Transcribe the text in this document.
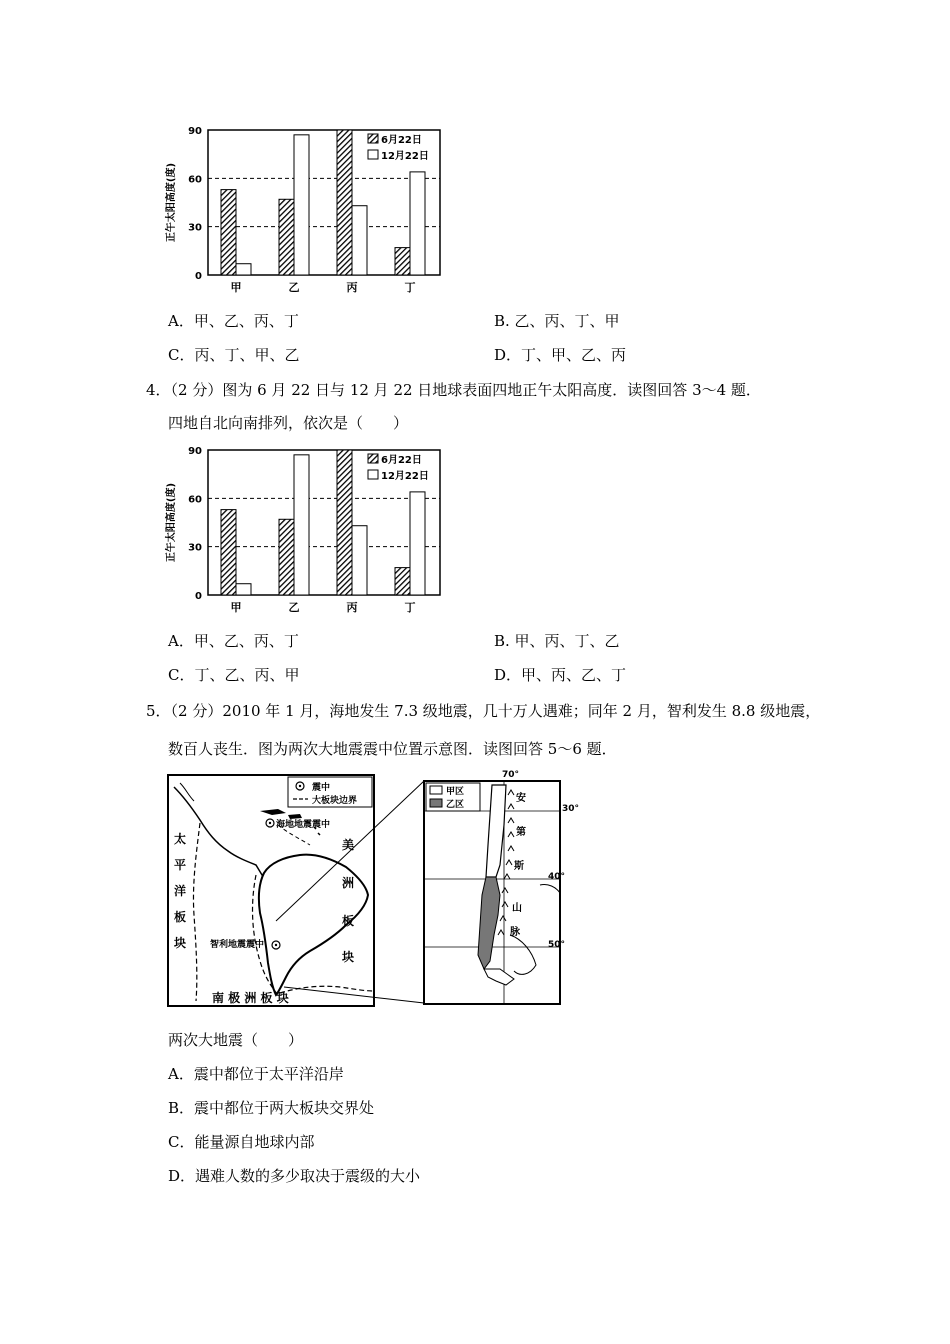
0
30
60
90
正午太阳高度(度)
甲	乙	丙	丁
6月22日
12月22日
A．甲、乙、丙、丁	B. 乙、丙、丁、甲
C．丙、丁、甲、乙	D．丁、甲、乙、丙
4．（2 分）图为 6 月 22 日与 12 月 22 日地球表面四地正午太阳高度．读图回答 3～4 题．
四地自北向南排列，依次是（　　）
0
30
60
90
正午太阳高度(度)
甲	乙	丙	丁
6月22日
12月22日
A．甲、乙、丙、丁	B. 甲、丙、丁、乙
C．丁、乙、丙、甲	D．甲、丙、乙、丁
5．（2 分）2010 年 1 月，海地发生 7.3 级地震，几十万人遇难；同年 2 月，智利发生 8.8 级地震，
数百人丧生．图为两次大地震震中位置示意图．读图回答 5～6 题．
震中
大板块边界
海地地震震中
智利地震震中
太
平
洋
板
块
美
洲
板
块
南 极 洲 板 块
甲区
乙区
70°
30°
40°
50°
安
第
斯
山
脉
两次大地震（　　）
A．震中都位于太平洋沿岸
B．震中都位于两大板块交界处
C．能量源自地球内部
D．遇难人数的多少取决于震级的大小
